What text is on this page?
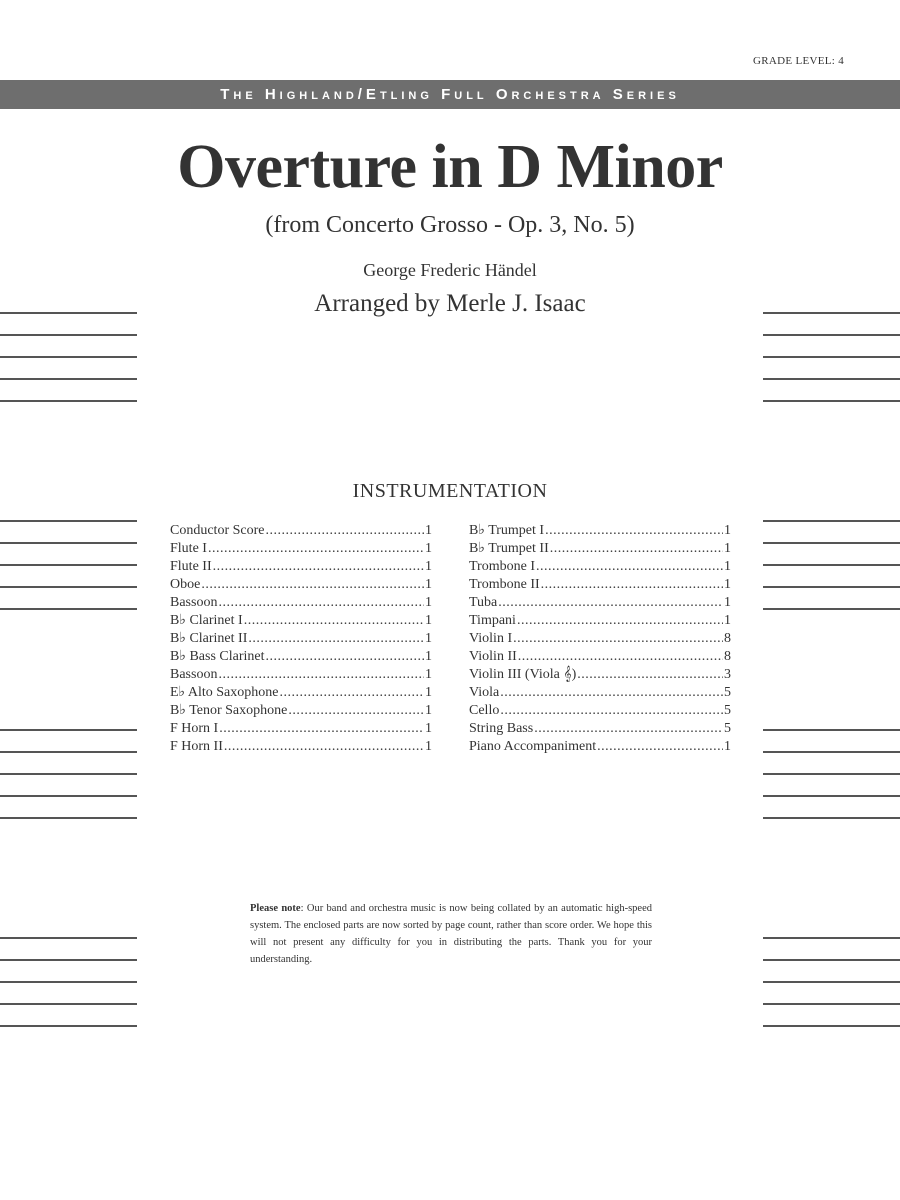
GRADE LEVEL: 4
The Highland/Etling Full Orchestra Series
Overture in D Minor
(from Concerto Grosso - Op. 3, No. 5)
George Frederic Händel
Arranged by Merle J. Isaac
INSTRUMENTATION
Conductor Score .....	1
Flute I .....	1
Flute II .....	1
Oboe .....	1
Bassoon .....	1
B♭ Clarinet I .....	1
B♭ Clarinet II .....	1
B♭ Bass Clarinet .....	1
Bassoon .....	1
E♭ Alto Saxophone .....	1
B♭ Tenor Saxophone .....	1
F Horn I .....	1
F Horn II .....	1
B♭ Trumpet I .....	1
B♭ Trumpet II .....	1
Trombone I .....	1
Trombone II .....	1
Tuba .....	1
Timpani .....	1
Violin I .....	8
Violin II .....	8
Violin III (Viola 𝄞) .....	3
Viola .....	5
Cello .....	5
String Bass .....	5
Piano Accompaniment .....	1
Please note: Our band and orchestra music is now being collated by an automatic high-speed system. The enclosed parts are now sorted by page count, rather than score order. We hope this will not present any difficulty for you in distributing the parts. Thank you for your understanding.
